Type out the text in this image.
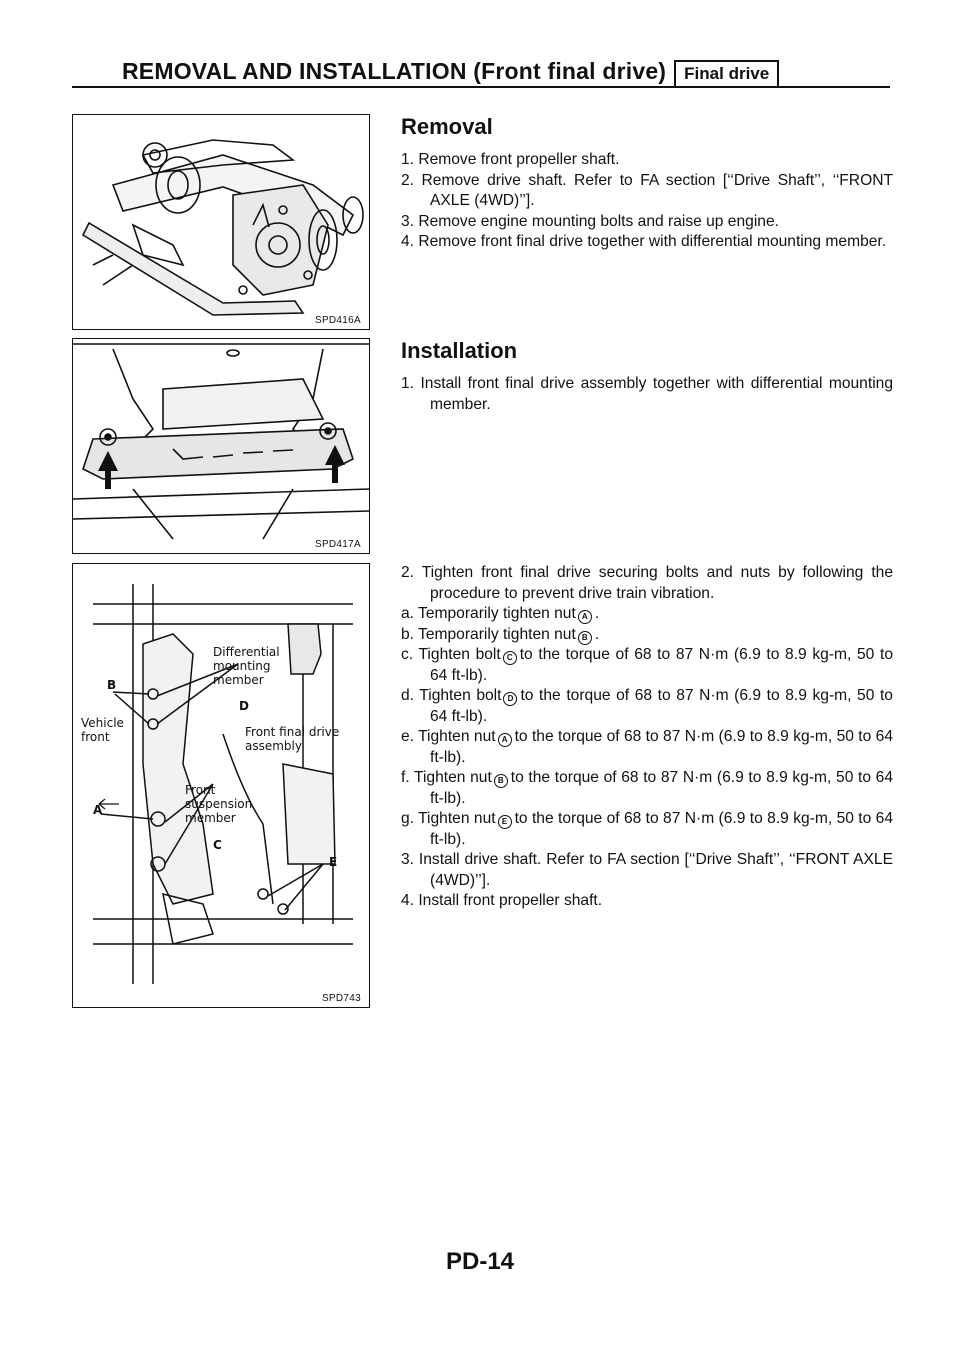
REMOVAL AND INSTALLATION (Front final drive)	Final drive
SPD416A
SPD417A
Differential
mounting
member
Vehicle
front	Front final drive
assembly
Front
suspension
member
B
D
A
C
E
SPD743
Removal
1. Remove front propeller shaft.
2. Remove drive shaft. Refer to FA section [‘‘Drive Shaft’’, ‘‘FRONT AXLE (4WD)’’].
3. Remove engine mounting bolts and raise up engine.
4. Remove front final drive together with differential mounting member.
Installation
1. Install front final drive assembly together with differential mounting member.
2. Tighten front final drive securing bolts and nuts by following the procedure to prevent drive train vibration.
a. Temporarily tighten nut A .
b. Temporarily tighten nut B .
c. Tighten bolt C to the torque of 68 to 87 N·m (6.9 to 8.9 kg-m, 50 to 64 ft-lb).
d. Tighten bolt D to the torque of 68 to 87 N·m (6.9 to 8.9 kg-m, 50 to 64 ft-lb).
e. Tighten nut A to the torque of 68 to 87 N·m (6.9 to 8.9 kg-m, 50 to 64 ft-lb).
f. Tighten nut B to the torque of 68 to 87 N·m (6.9 to 8.9 kg-m, 50 to 64 ft-lb).
g. Tighten nut E to the torque of 68 to 87 N·m (6.9 to 8.9 kg-m, 50 to 64 ft-lb).
3. Install drive shaft. Refer to FA section [‘‘Drive Shaft’’, ‘‘FRONT AXLE (4WD)’’].
4. Install front propeller shaft.
PD-14
